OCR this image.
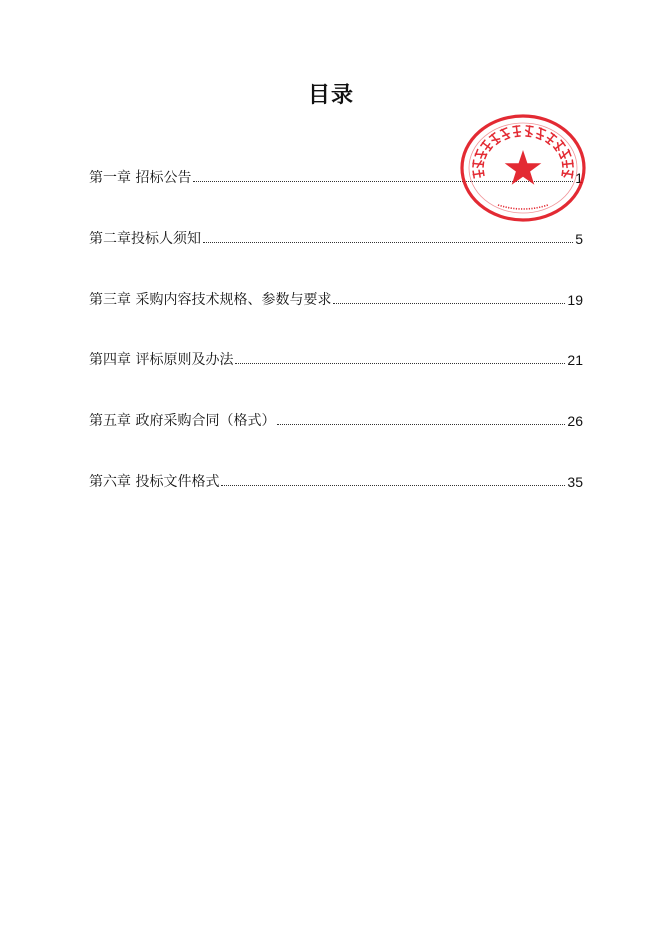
目录
第一章 招标公告	1
第二章投标人须知	5
第三章 采购内容技术规格、参数与要求	19
第四章 评标原则及办法	21
第五章 政府采购合同（格式）	26
第六章 投标文件格式	35
